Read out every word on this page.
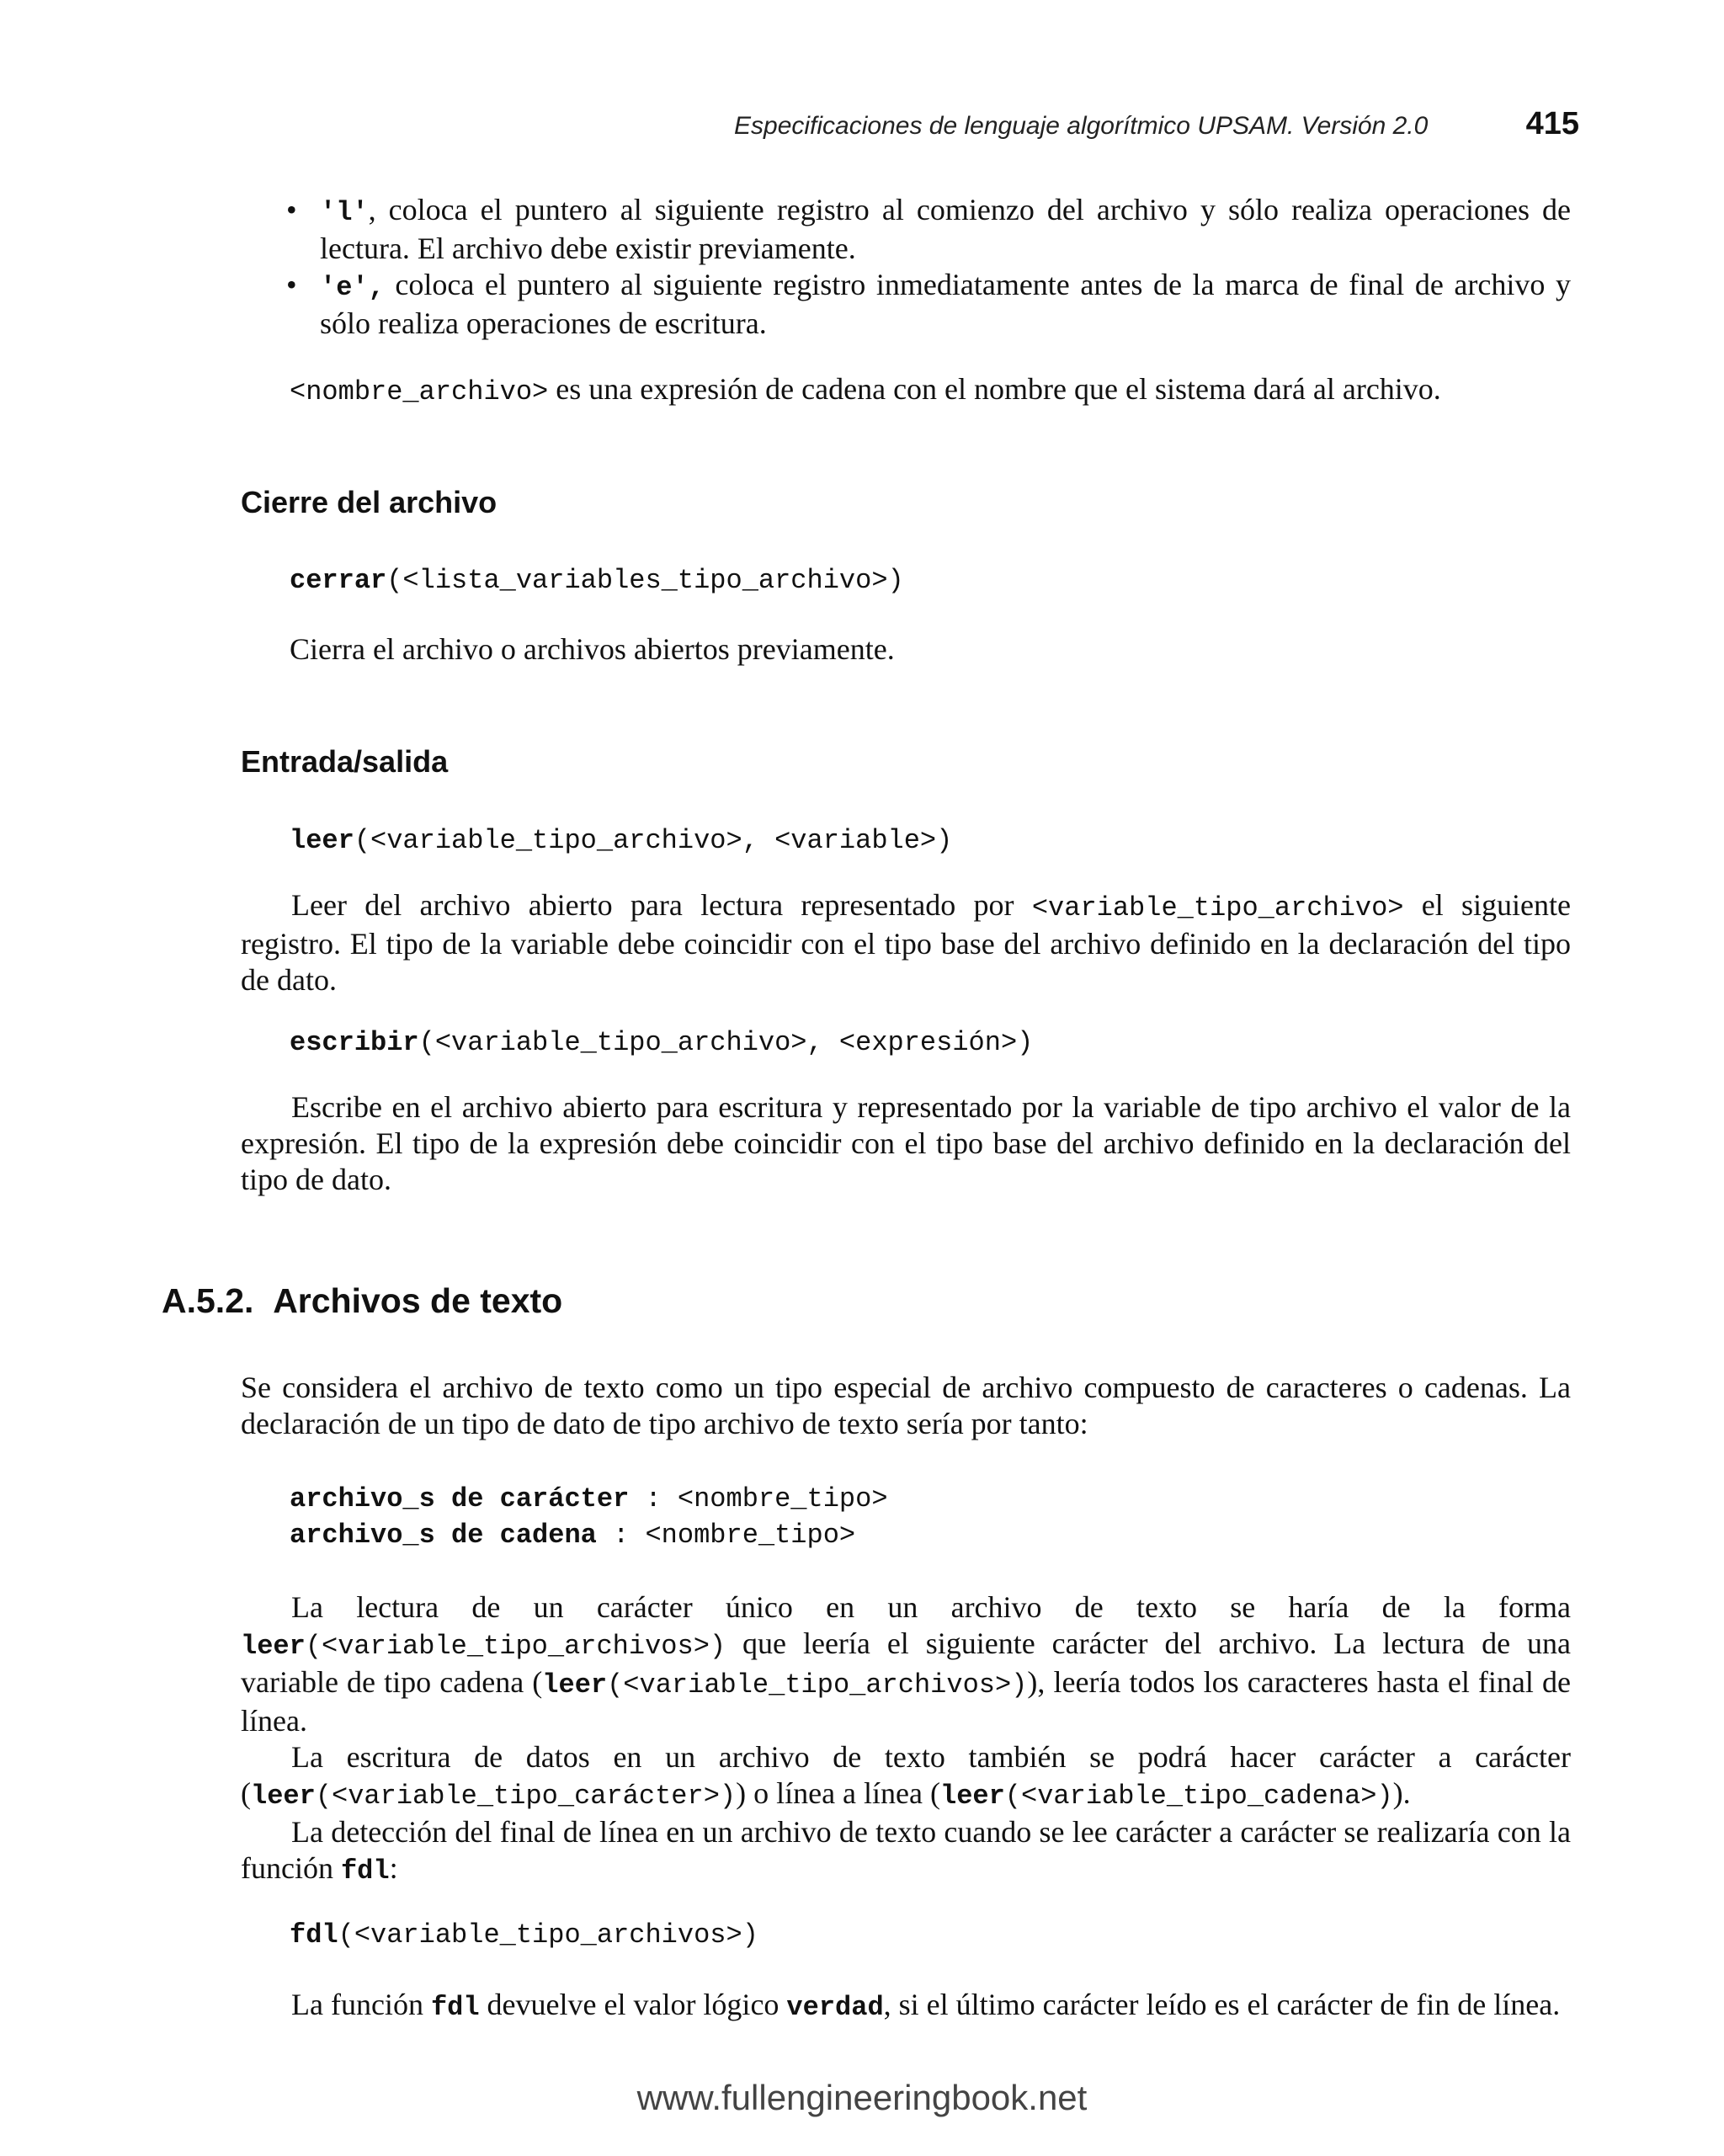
Especificaciones de lenguaje algorítmico UPSAM. Versión 2.0	415
• 'l', coloca el puntero al siguiente registro al comienzo del archivo y sólo realiza operaciones de lectura. El archivo debe existir previamente.
• 'e', coloca el puntero al siguiente registro inmediatamente antes de la marca de final de archivo y sólo realiza operaciones de escritura.
<nombre_archivo> es una expresión de cadena con el nombre que el sistema dará al archivo.
Cierre del archivo
cerrar(<lista_variables_tipo_archivo>)
Cierra el archivo o archivos abiertos previamente.
Entrada/salida
leer(<variable_tipo_archivo>, <variable>)
Leer del archivo abierto para lectura representado por <variable_tipo_archivo> el siguiente registro. El tipo de la variable debe coincidir con el tipo base del archivo definido en la declaración del tipo de dato.
escribir(<variable_tipo_archivo>, <expresión>)
Escribe en el archivo abierto para escritura y representado por la variable de tipo archivo el valor de la expresión. El tipo de la expresión debe coincidir con el tipo base del archivo definido en la declaración del tipo de dato.
A.5.2. Archivos de texto
Se considera el archivo de texto como un tipo especial de archivo compuesto de caracteres o cadenas. La declaración de un tipo de dato de tipo archivo de texto sería por tanto:
archivo_s de carácter : <nombre_tipo>
archivo_s de cadena : <nombre_tipo>
La lectura de un carácter único en un archivo de texto se haría de la forma leer(<variable_tipo_archivos>) que leería el siguiente carácter del archivo. La lectura de una variable de tipo cadena (leer(<variable_tipo_archivos>)), leería todos los caracteres hasta el final de línea.
La escritura de datos en un archivo de texto también se podrá hacer carácter a carácter (leer(<variable_tipo_carácter>)) o línea a línea (leer(<variable_tipo_cadena>)).
La detección del final de línea en un archivo de texto cuando se lee carácter a carácter se realizaría con la función fdl:
fdl(<variable_tipo_archivos>)
La función fdl devuelve el valor lógico verdad, si el último carácter leído es el carácter de fin de línea.
www.fullengineeringbook.net
